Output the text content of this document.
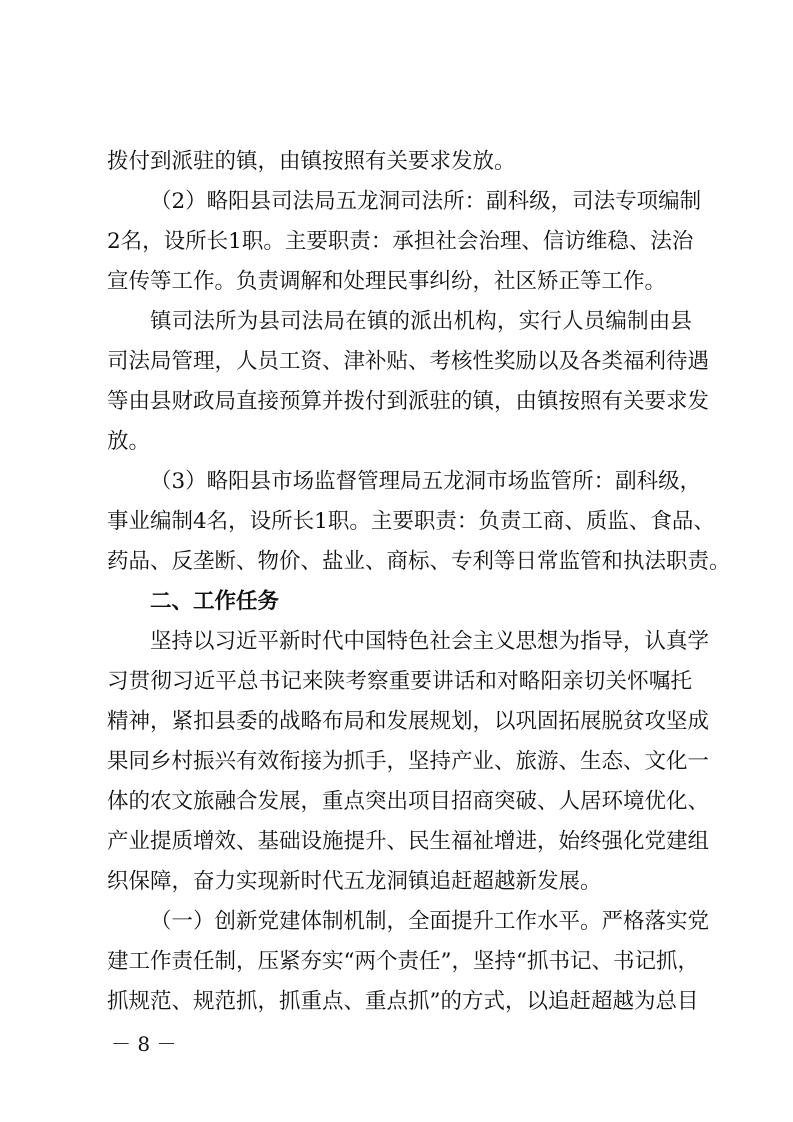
拨付到派驻的镇，由镇按照有关要求发放。
（2）略阳县司法局五龙洞司法所：副科级，司法专项编制
2名，设所长1职。主要职责：承担社会治理、信访维稳、法治
宣传等工作。负责调解和处理民事纠纷，社区矫正等工作。
镇司法所为县司法局在镇的派出机构，实行人员编制由县
司法局管理，人员工资、津补贴、考核性奖励以及各类福利待遇
等由县财政局直接预算并拨付到派驻的镇，由镇按照有关要求发
放。
（3）略阳县市场监督管理局五龙洞市场监管所：副科级，
事业编制4名，设所长1职。主要职责：负责工商、质监、食品、
药品、反垄断、物价、盐业、商标、专利等日常监管和执法职责。
二、工作任务
坚持以习近平新时代中国特色社会主义思想为指导，认真学
习贯彻习近平总书记来陕考察重要讲话和对略阳亲切关怀嘱托
精神，紧扣县委的战略布局和发展规划，以巩固拓展脱贫攻坚成
果同乡村振兴有效衔接为抓手，坚持产业、旅游、生态、文化一
体的农文旅融合发展，重点突出项目招商突破、人居环境优化、
产业提质增效、基础设施提升、民生福祉增进，始终强化党建组
织保障，奋力实现新时代五龙洞镇追赶超越新发展。
（一）创新党建体制机制，全面提升工作水平。严格落实党
建工作责任制，压紧夯实“两个责任”，坚持“抓书记、书记抓，
抓规范、规范抓，抓重点、重点抓”的方式，以追赶超越为总目
－ 8 －
